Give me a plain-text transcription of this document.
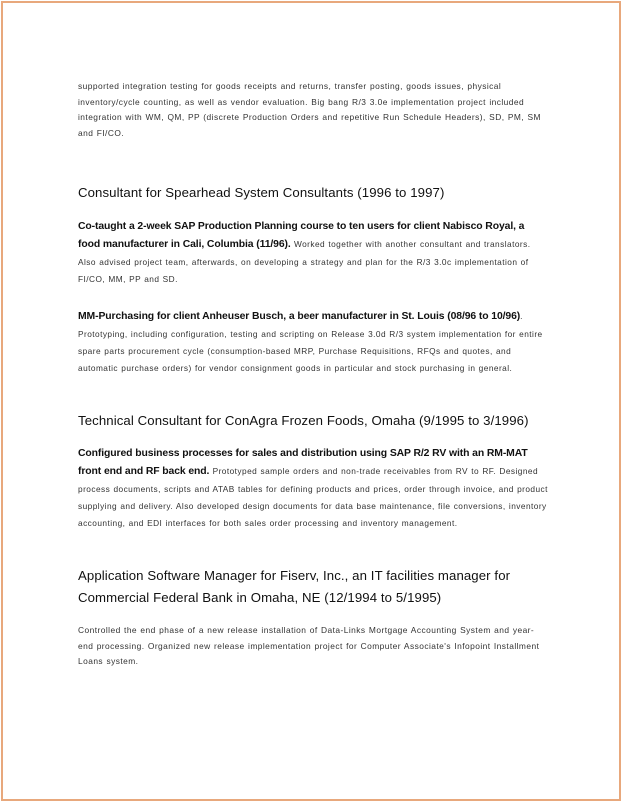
supported integration testing for goods receipts and returns, transfer posting, goods issues, physical inventory/cycle counting, as well as vendor evaluation. Big bang R/3 3.0e implementation project included integration with WM, QM, PP (discrete Production Orders and repetitive Run Schedule Headers), SD, PM, SM and FI/CO.

Consultant for Spearhead System Consultants (1996 to 1997)

Co-taught a 2-week SAP Production Planning course to ten users for client Nabisco Royal, a food manufacturer in Cali, Columbia (11/96). Worked together with another consultant and translators. Also advised project team, afterwards, on developing a strategy and plan for the R/3 3.0c implementation of FI/CO, MM, PP and SD.

MM-Purchasing for client Anheuser Busch, a beer manufacturer in St. Louis (08/96 to 10/96). Prototyping, including configuration, testing and scripting on Release 3.0d R/3 system implementation for entire spare parts procurement cycle (consumption-based MRP, Purchase Requisitions, RFQs and quotes, and automatic purchase orders) for vendor consignment goods in particular and stock purchasing in general.

Technical Consultant for ConAgra Frozen Foods, Omaha (9/1995 to 3/1996)

Configured business processes for sales and distribution using SAP R/2 RV with an RM-MAT front end and RF back end. Prototyped sample orders and non-trade receivables from RV to RF. Designed process documents, scripts and ATAB tables for defining products and prices, order through invoice, and product supplying and delivery. Also developed design documents for data base maintenance, file conversions, inventory accounting, and EDI interfaces for both sales order processing and inventory management.

Application Software Manager for Fiserv, Inc., an IT facilities manager for Commercial Federal Bank in Omaha, NE (12/1994 to 5/1995)

Controlled the end phase of a new release installation of Data-Links Mortgage Accounting System and year-end processing. Organized new release implementation project for Computer Associate's Infopoint Installment Loans system.
